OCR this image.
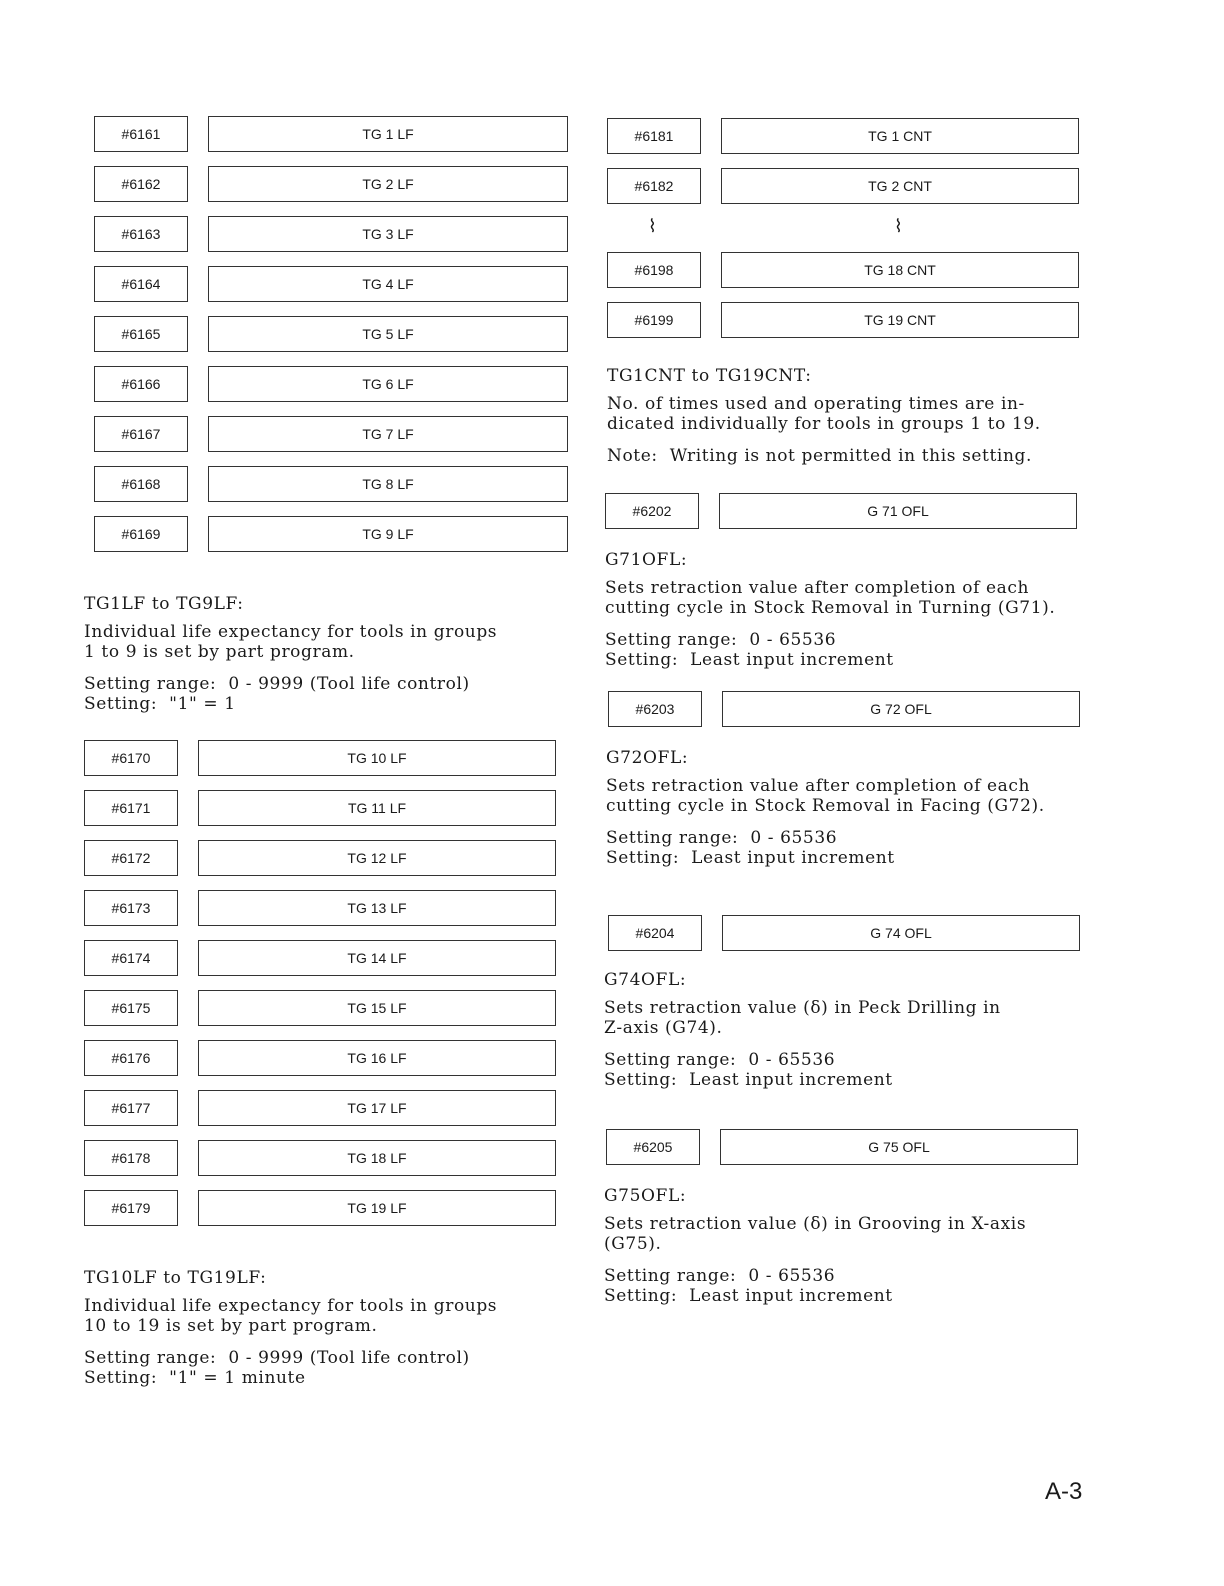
#6161	TG 1 LF
#6162	TG 2 LF
#6163	TG 3 LF
#6164	TG 4 LF
#6165	TG 5 LF
#6166	TG 6 LF
#6167	TG 7 LF
#6168	TG 8 LF
#6169	TG 9 LF

TG1LF to TG9LF:

Individual life expectancy for tools in groups

1 to 9 is set by part program.

Setting range:  0 - 9999 (Tool life control)

Setting:  "1" = 1

#6170	TG 10 LF
#6171	TG 11 LF
#6172	TG 12 LF
#6173	TG 13 LF
#6174	TG 14 LF
#6175	TG 15 LF
#6176	TG 16 LF
#6177	TG 17 LF
#6178	TG 18 LF
#6179	TG 19 LF

TG10LF to TG19LF:

Individual life expectancy for tools in groups

10 to 19 is set by part program.

Setting range:  0 - 9999 (Tool life control)

Setting:  "1" = 1 minute

#6181	TG 1 CNT
#6182	TG 2 CNT
⌇	⌇
#6198	TG 18 CNT
#6199	TG 19 CNT

TG1CNT to TG19CNT:

No. of times used and operating times are in-

dicated individually for tools in groups 1 to 19.

Note:  Writing is not permitted in this setting.

#6202	G 71 OFL

G71OFL:

Sets retraction value after completion of each

cutting cycle in Stock Removal in Turning (G71).

Setting range:  0 - 65536

Setting:  Least input increment

#6203	G 72 OFL

G72OFL:

Sets retraction value after completion of each

cutting cycle in Stock Removal in Facing (G72).

Setting range:  0 - 65536

Setting:  Least input increment

#6204	G 74 OFL

G74OFL:

Sets retraction value (δ) in Peck Drilling in

Z-axis (G74).

Setting range:  0 - 65536

Setting:  Least input increment

#6205	G 75 OFL

G75OFL:

Sets retraction value (δ) in Grooving in X-axis

(G75).

Setting range:  0 - 65536

Setting:  Least input increment

A-3
